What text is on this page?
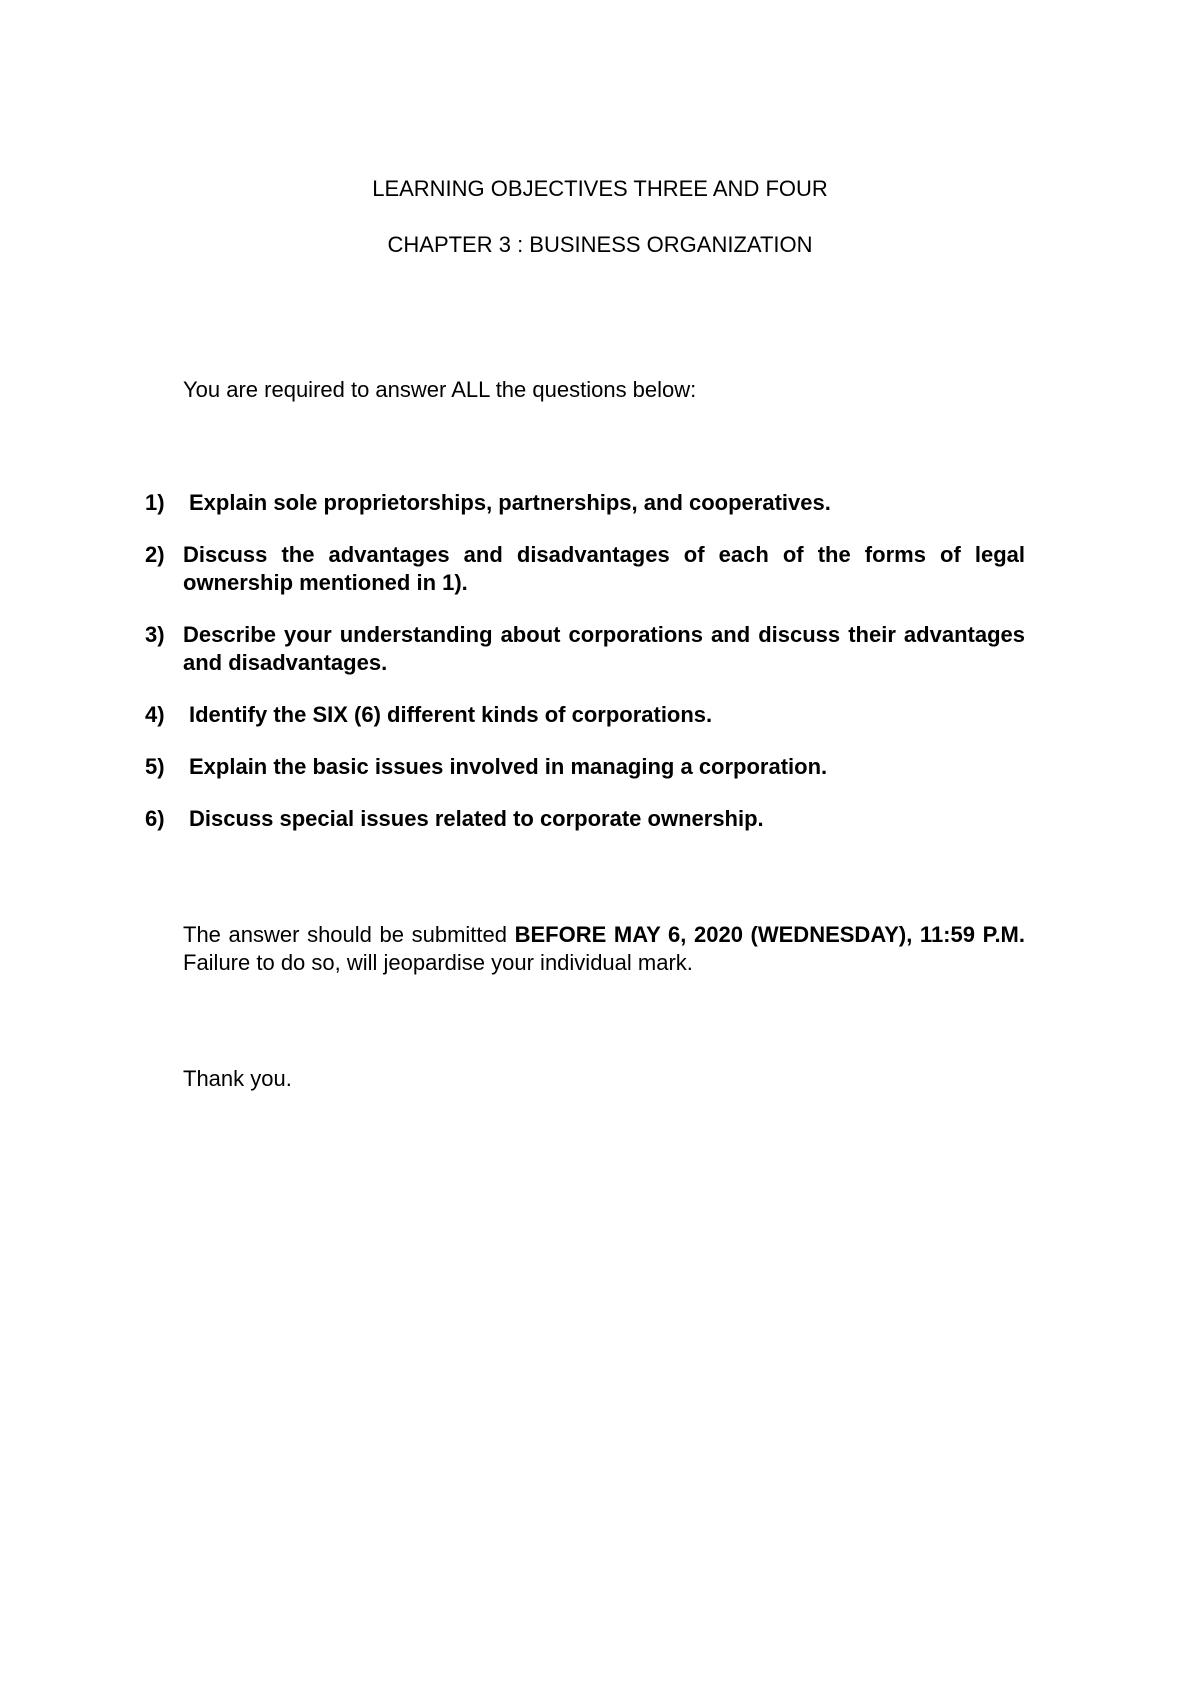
LEARNING OBJECTIVES THREE AND FOUR
CHAPTER 3 : BUSINESS ORGANIZATION
You are required to answer ALL the questions below:
1)	Explain sole proprietorships, partnerships, and cooperatives.
2) Discuss the advantages and disadvantages of each of the forms of legal ownership mentioned in 1).
3) Describe your understanding about corporations and discuss their advantages and disadvantages.
4)	Identify the SIX (6) different kinds of corporations.
5)	Explain the basic issues involved in managing a corporation.
6)	Discuss special issues related to corporate ownership.

The answer should be submitted BEFORE MAY 6, 2020 (WEDNESDAY), 11:59 P.M.  Failure to do so, will jeopardise your individual mark.

Thank you.
